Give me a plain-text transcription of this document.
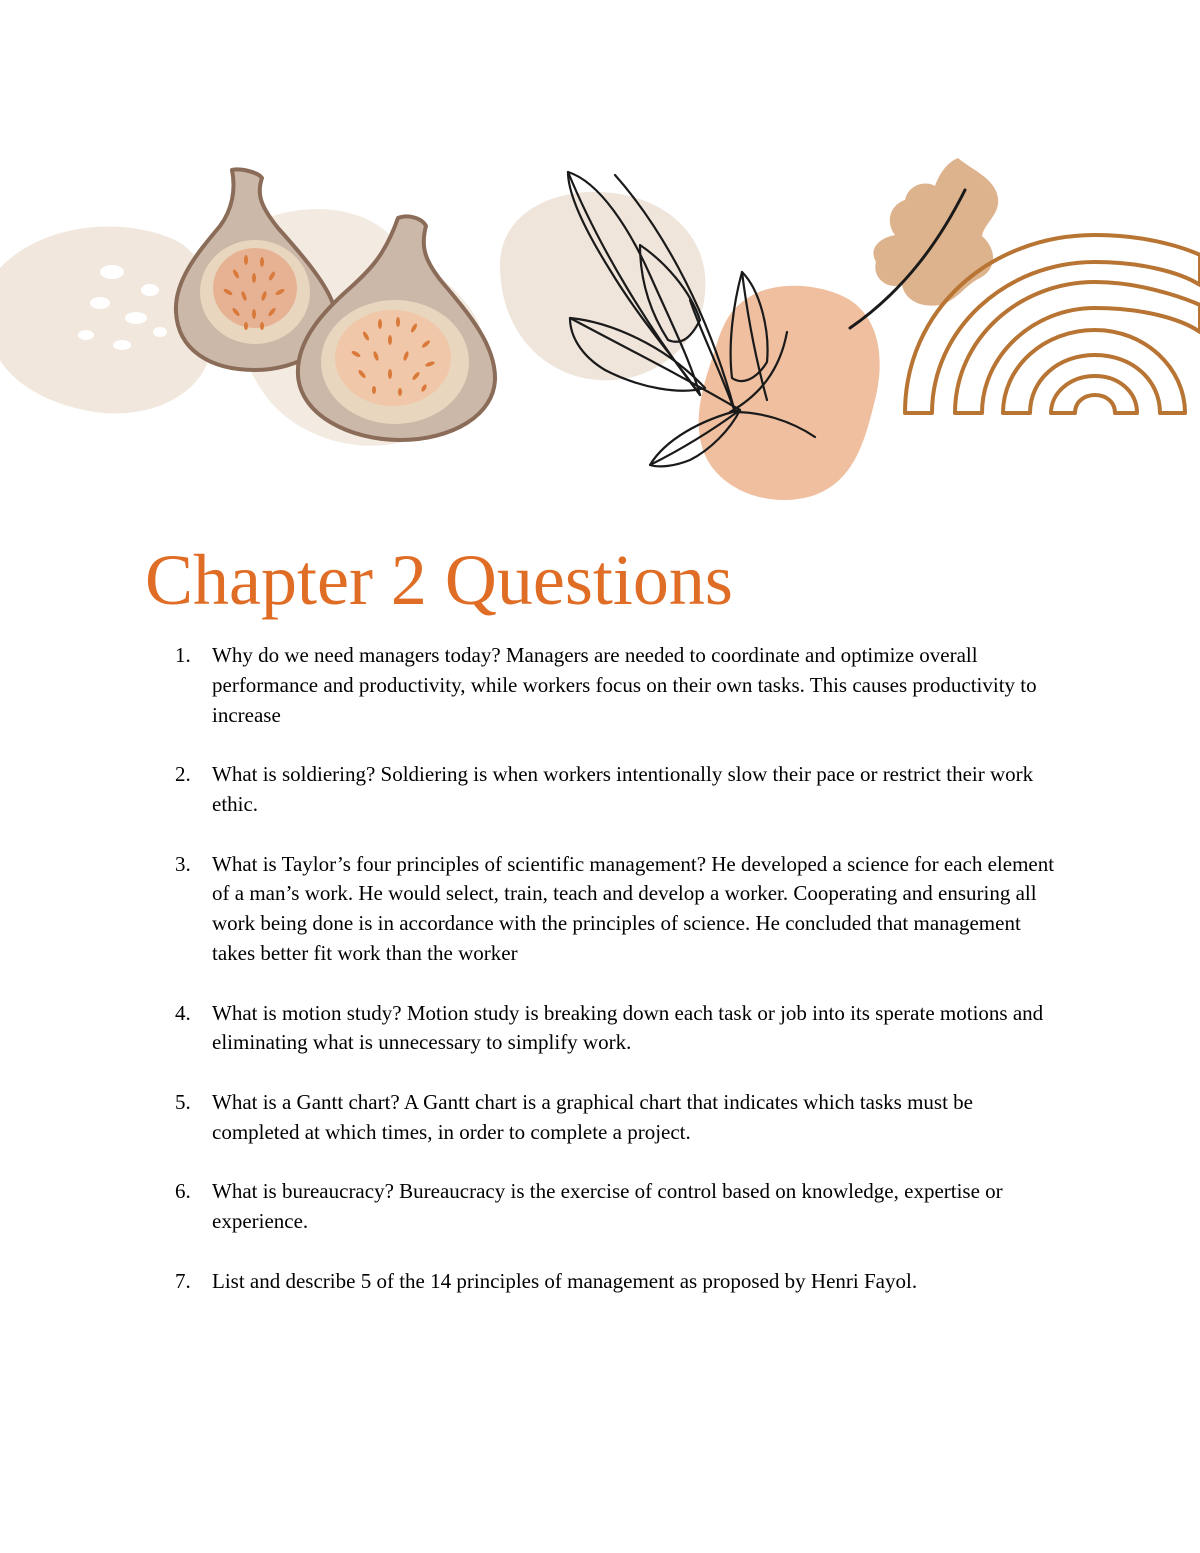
Chapter 2 Questions
1. Why do we need managers today? Managers are needed to coordinate and optimize overall performance and productivity, while workers focus on their own tasks. This causes productivity to increase
2. What is soldiering? Soldiering is when workers intentionally slow their pace or restrict their work ethic.
3. What is Taylor’s four principles of scientific management? He developed a science for each element of a man’s work. He would select, train, teach and develop a worker. Cooperating and ensuring all work being done is in accordance with the principles of science. He concluded that management takes better fit work than the worker
4. What is motion study? Motion study is breaking down each task or job into its sperate motions and eliminating what is unnecessary to simplify work.
5. What is a Gantt chart? A Gantt chart is a graphical chart that indicates which tasks must be completed at which times, in order to complete a project.
6. What is bureaucracy? Bureaucracy is the exercise of control based on knowledge, expertise or experience.
7. List and describe 5 of the 14 principles of management as proposed by Henri Fayol.
